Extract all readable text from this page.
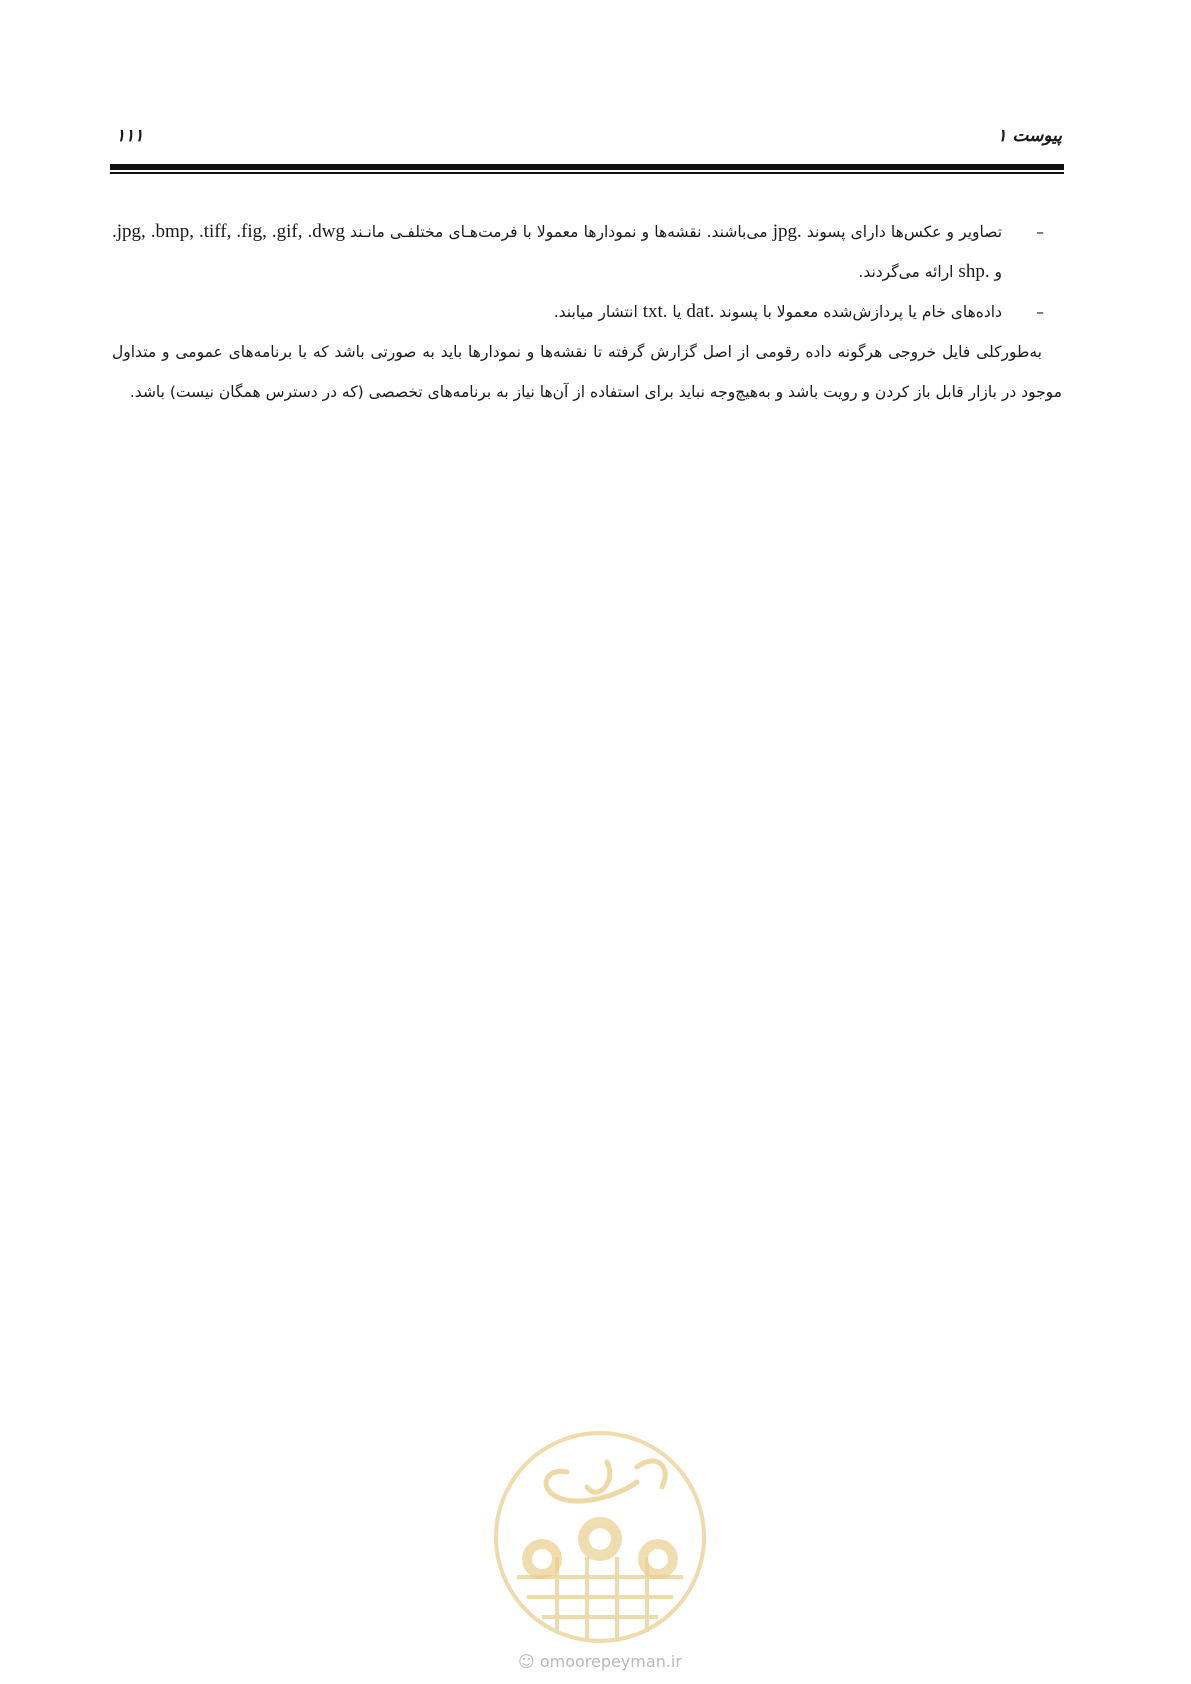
پیوست ۱
۱۱۱
–
تصاویر و عکس‌ها دارای پسوند jpg. می‌باشند. نقشه‌ها و نمودارها معمولا با فرمت‌هـای مختلفـی مانـند .jpg, .bmp, .tiff, .fig, .gif, .dwg و shp. ارائه می‌گردند.
–
داده‌های خام یا پردازش‌شده معمولا با پسوند dat. یا txt. انتشار میابند.

به‌طورکلی فایل خروجی هرگونه داده رقومی از اصل گزارش گرفته تا نقشه‌ها و نمودارها باید به صورتی باشد که با برنامه‌های عمومی و متداول موجود در بازار قابل باز کردن و رویت باشد و به‌هیچ‌وجه نباید برای استفاده از آن‌ها نیاز به برنامه‌های تخصصی (که در دسترس همگان نیست) باشد.

☺ omoorepeyman.ir
